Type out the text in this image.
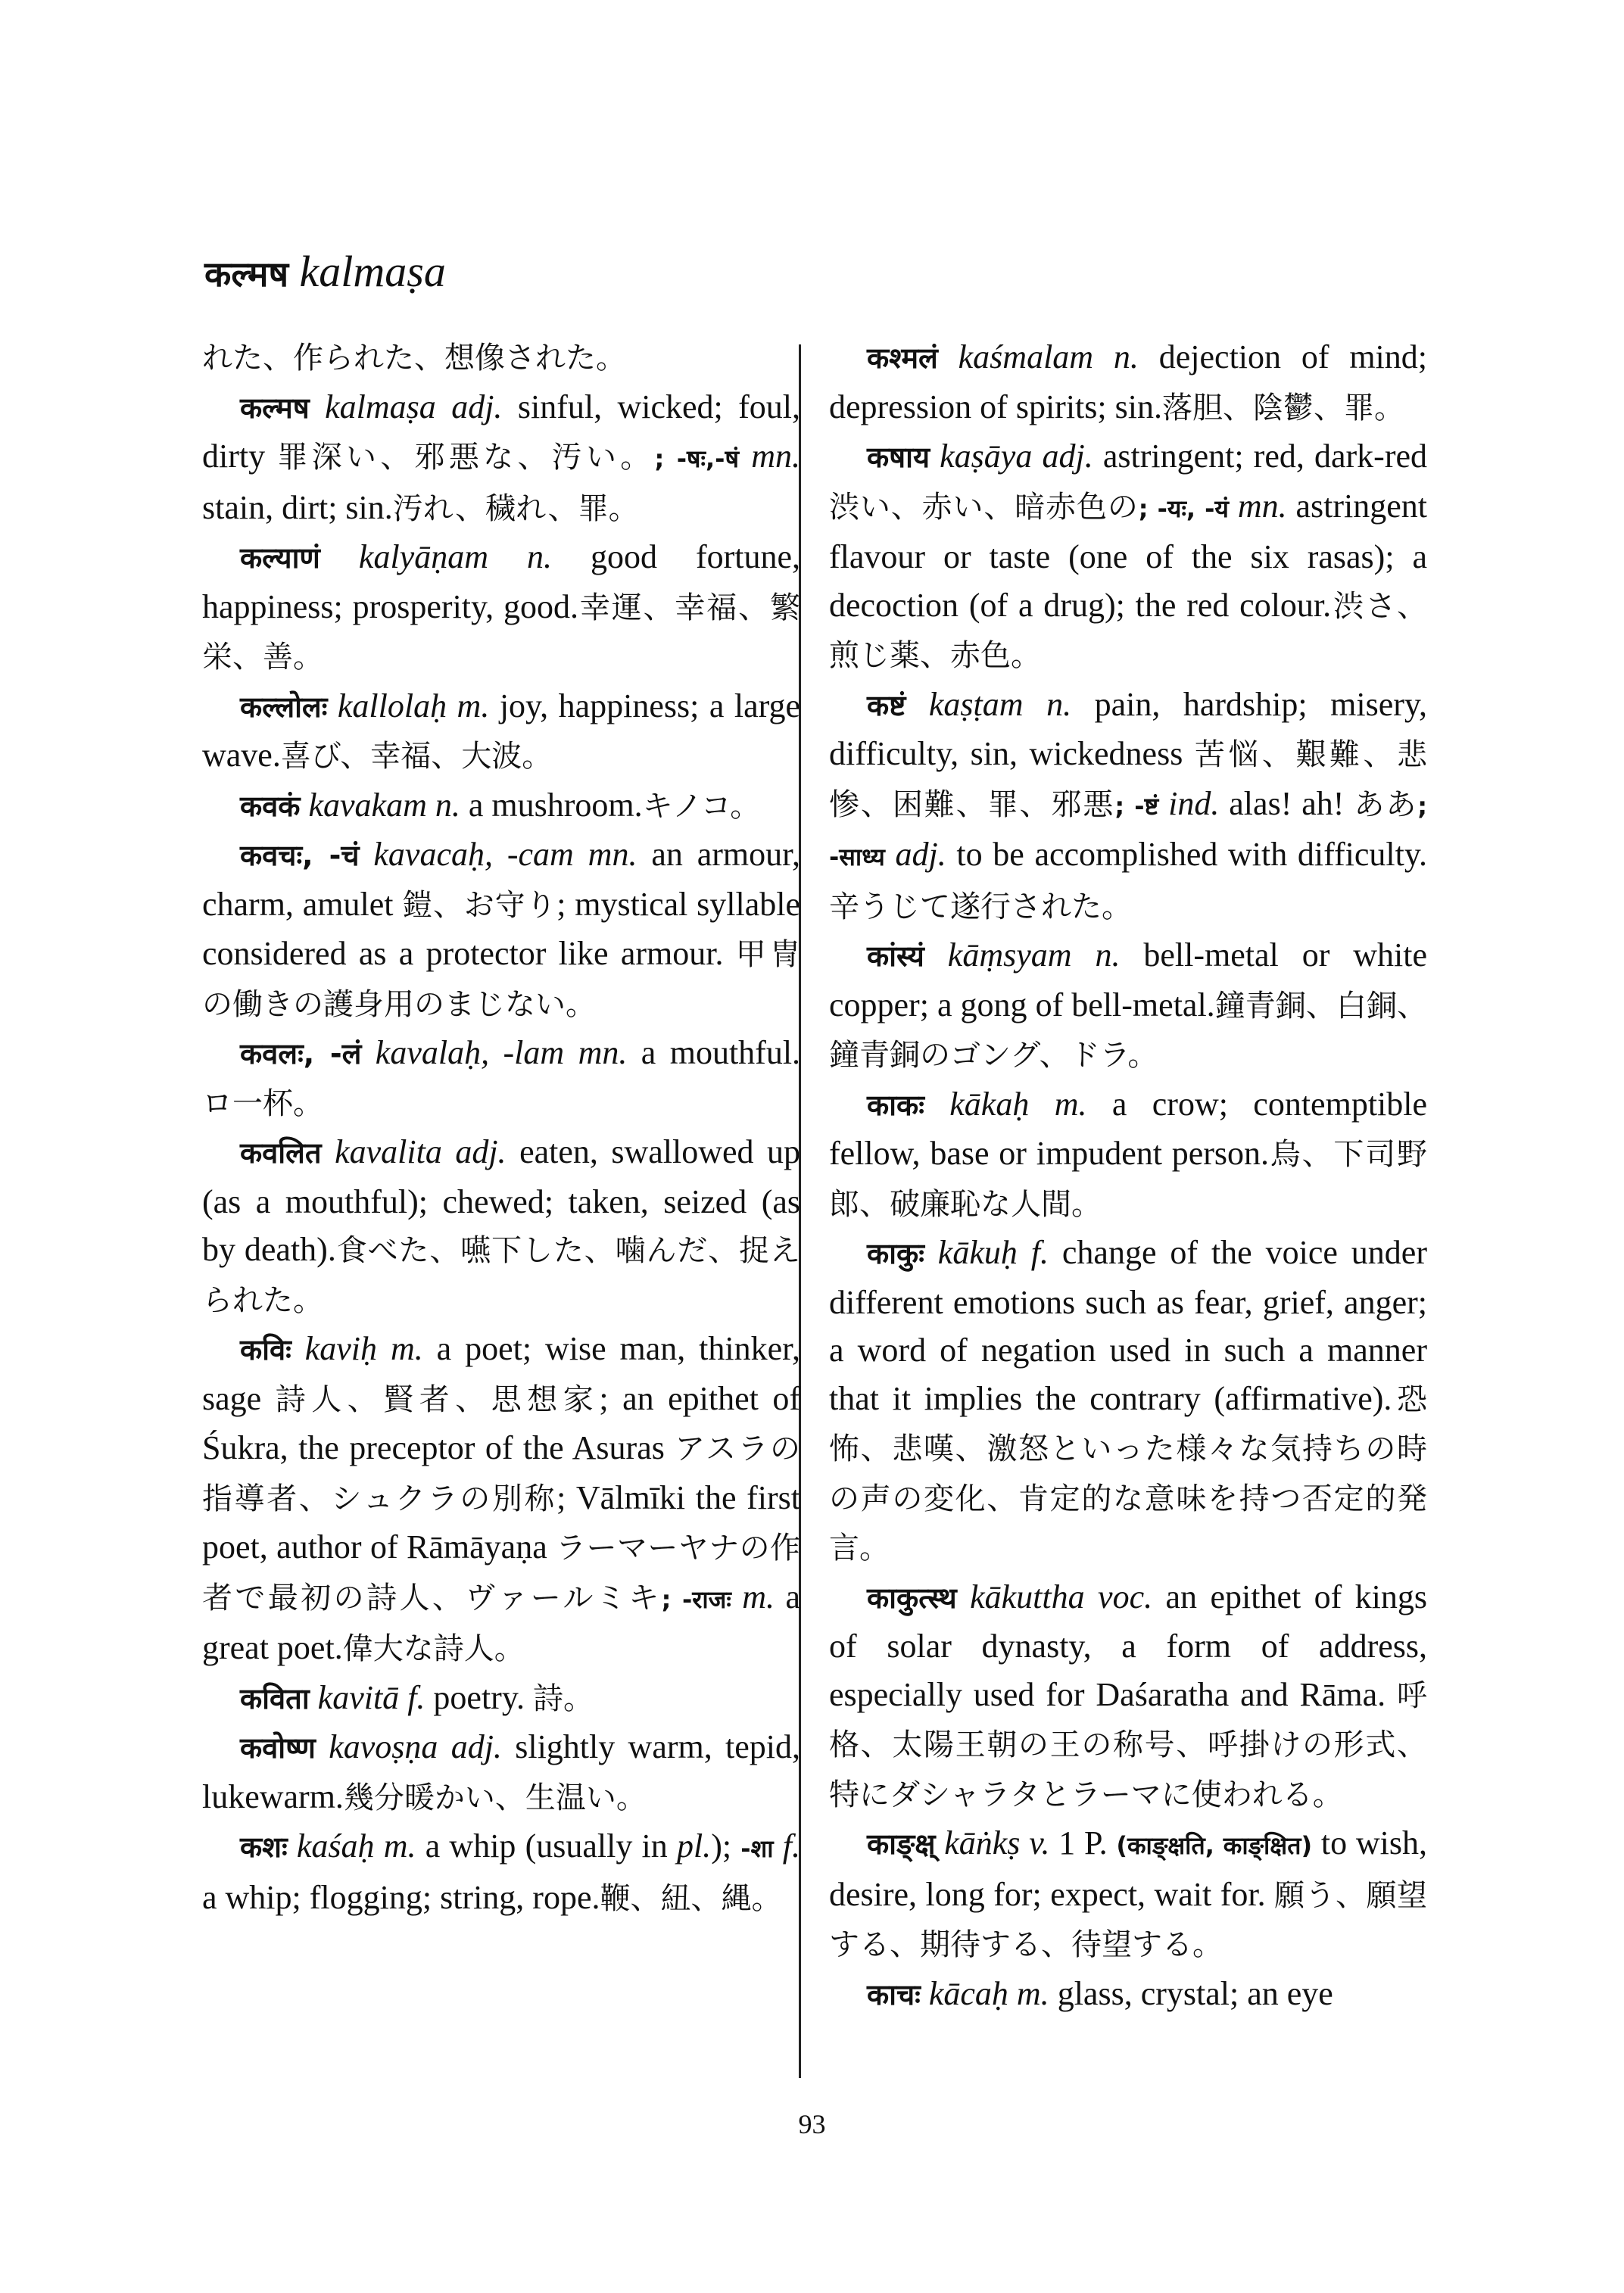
कल्मष kalmaṣa

れた、作られた、想像された。

कल्मष kalmaṣa adj. sinful, wicked; foul, dirty 罪深い、邪悪な、汚い。; -षः,-षं mn. stain, dirt; sin.汚れ、穢れ、罪。

कल्याणं kalyāṇam n. good fortune, happiness; prosperity, good.幸運、幸福、繁栄、善。

कल्लोलः kallolaḥ m. joy, happiness; a large wave.喜び、幸福、大波。

कवकं kavakam n. a mushroom.キノコ。

कवचः, -चं kavacaḥ, -cam mn. an armour, charm, amulet 鎧、お守り; mystical syllable considered as a protector like armour. 甲冑の働きの護身用のまじない。

कवलः, -लं kavalaḥ, -lam mn. a mouthful. ロ一杯。

कवलित kavalita adj. eaten, swallowed up (as a mouthful); chewed; taken, seized (as by death).食べた、嚥下した、噛んだ、捉えられた。

कविः kaviḥ m. a poet; wise man, thinker, sage 詩人、賢者、思想家; an epithet of Śukra, the preceptor of the Asuras アスラの指導者、シュクラの別称; Vālmīki the first poet, author of Rāmāyaṇa ラーマーヤナの作者で最初の詩人、ヴァールミキ; -राजः m. a great poet.偉大な詩人。

कविता kavitā f. poetry. 詩。

कवोष्ण kavoṣṇa adj. slightly warm, tepid, lukewarm.幾分暖かい、生温い。

कशः kaśaḥ m. a whip (usually in pl.); -शा f. a whip; flogging; string, rope.鞭、紐、縄。

कश्मलं kaśmalam n. dejection of mind; depression of spirits; sin.落胆、陰鬱、罪。

कषाय kaṣāya adj. astringent; red, dark-red 渋い、赤い、暗赤色の; -यः, -यं mn. astringent flavour or taste (one of the six rasas); a decoction (of a drug); the red colour.渋さ、煎じ薬、赤色。

कष्टं kaṣṭam n. pain, hardship; misery, difficulty, sin, wickedness 苦悩、艱難、悲惨、困難、罪、邪悪; -ष्टं ind. alas! ah! ああ; -साध्य adj. to be accomplished with difficulty.辛うじて遂行された。

कांस्यं kāṃsyam n. bell-metal or white copper; a gong of bell-metal.鐘青銅、白銅、鐘青銅のゴング、ドラ。

काकः kākaḥ m. a crow; contemptible fellow, base or impudent person.烏、下司野郎、破廉恥な人間。

काकुः kākuḥ f. change of the voice under different emotions such as fear, grief, anger; a word of negation used in such a manner that it implies the contrary (affirmative).恐怖、悲嘆、激怒といった様々な気持ちの時の声の変化、肯定的な意味を持つ否定的発言。

काकुत्स्थ kākuttha voc. an epithet of kings of solar dynasty, a form of address, especially used for Daśaratha and Rāma. 呼格、太陽王朝の王の称号、呼掛けの形式、特にダシャラタとラーマに使われる。

काङ्क्ष् kāṅkṣ v. 1 P. (काङ्क्षति, काङ्क्षित) to wish, desire, long for; expect, wait for. 願う、願望する、期待する、待望する。

काचः kācaḥ m. glass, crystal; an eye

93
